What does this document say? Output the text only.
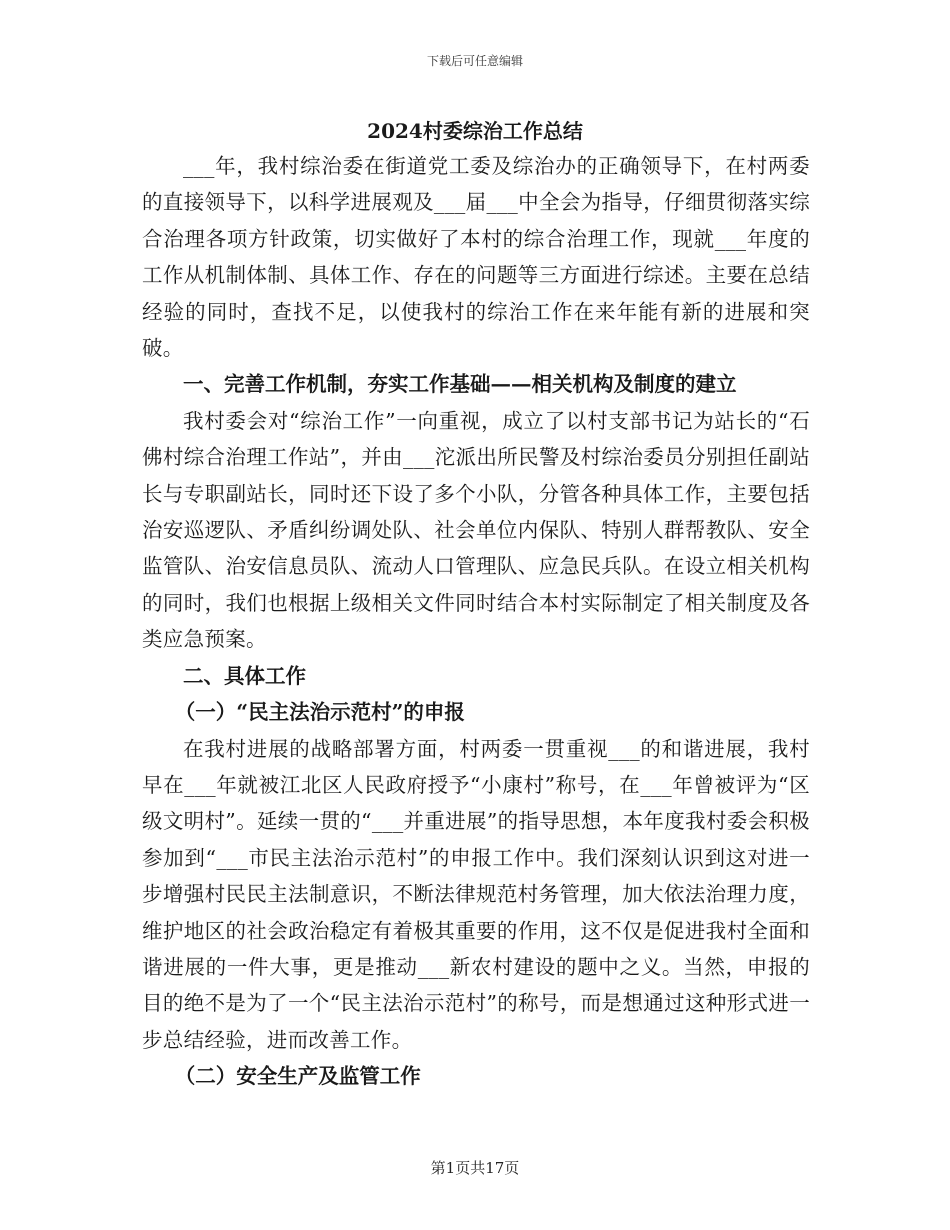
下载后可任意编辑
2024村委综治工作总结

___年，我村综治委在街道党工委及综治办的正确领导下，在村两委的直接领导下，以科学进展观及___届___中全会为指导，仔细贯彻落实综合治理各项方针政策，切实做好了本村的综合治理工作，现就___年度的工作从机制体制、具体工作、存在的问题等三方面进行综述。主要在总结经验的同时，查找不足，以使我村的综治工作在来年能有新的进展和突破。

一、完善工作机制，夯实工作基础——相关机构及制度的建立

我村委会对“综治工作”一向重视，成立了以村支部书记为站长的“石佛村综合治理工作站”，并由___沱派出所民警及村综治委员分别担任副站长与专职副站长，同时还下设了多个小队，分管各种具体工作，主要包括治安巡逻队、矛盾纠纷调处队、社会单位内保队、特别人群帮教队、安全监管队、治安信息员队、流动人口管理队、应急民兵队。在设立相关机构的同时，我们也根据上级相关文件同时结合本村实际制定了相关制度及各类应急预案。

二、具体工作

（一）“民主法治示范村”的申报

在我村进展的战略部署方面，村两委一贯重视___的和谐进展，我村早在___年就被江北区人民政府授予“小康村”称号，在___年曾被评为“区级文明村”。延续一贯的“___并重进展”的指导思想，本年度我村委会积极参加到“___市民主法治示范村”的申报工作中。我们深刻认识到这对进一步增强村民民主法制意识，不断法律规范村务管理，加大依法治理力度，维护地区的社会政治稳定有着极其重要的作用，这不仅是促进我村全面和谐进展的一件大事，更是推动___新农村建设的题中之义。当然，申报的目的绝不是为了一个“民主法治示范村”的称号，而是想通过这种形式进一步总结经验，进而改善工作。

（二）安全生产及监管工作

第1页共17页
